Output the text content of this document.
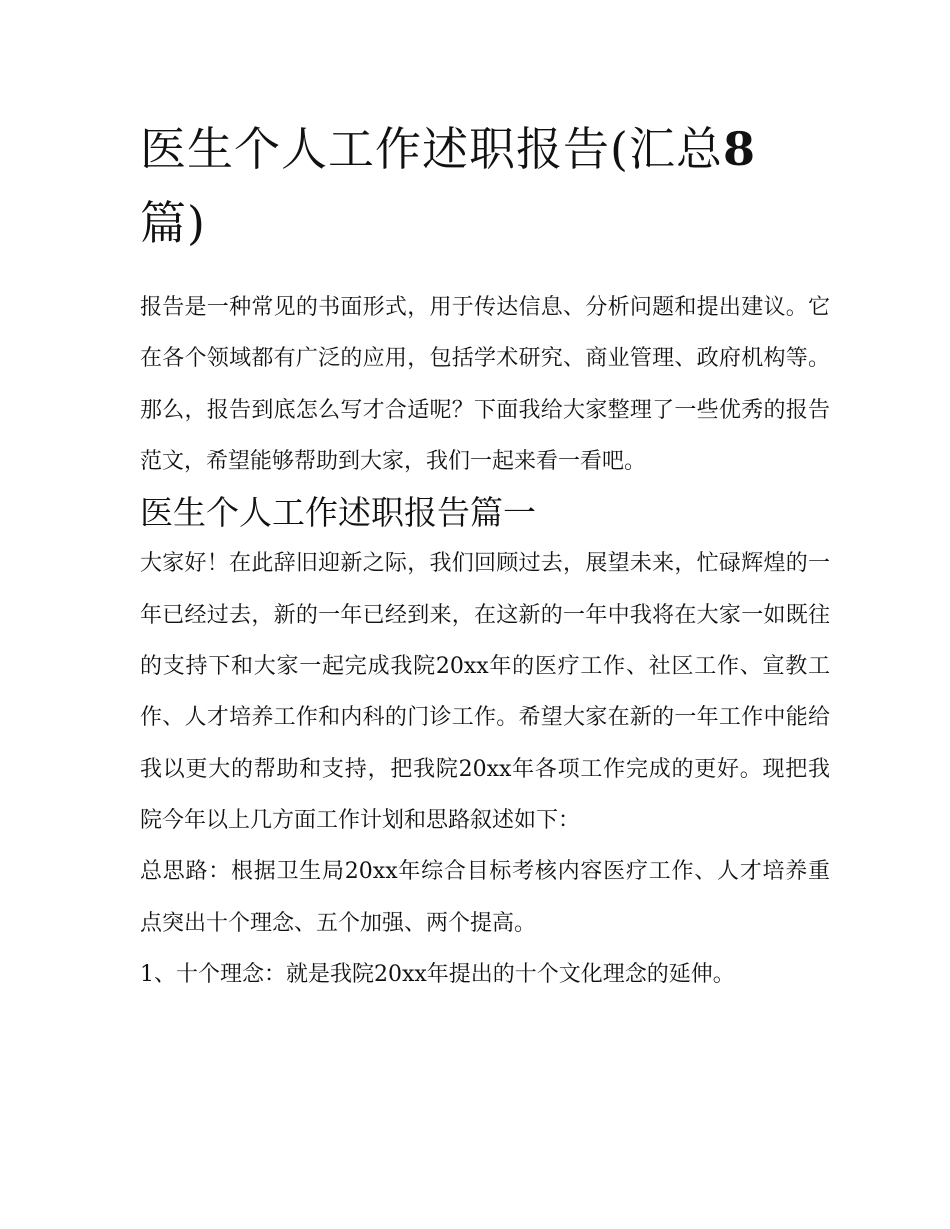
医生个人工作述职报告(汇总8
篇)

报告是一种常见的书面形式，用于传达信息、分析问题和提出建议。它在各个领域都有广泛的应用，包括学术研究、商业管理、政府机构等。那么，报告到底怎么写才合适呢？下面我给大家整理了一些优秀的报告范文，希望能够帮助到大家，我们一起来看一看吧。

医生个人工作述职报告篇一

大家好！在此辞旧迎新之际，我们回顾过去，展望未来，忙碌辉煌的一年已经过去，新的一年已经到来，在这新的一年中我将在大家一如既往的支持下和大家一起完成我院20xx年的医疗工作、社区工作、宣教工作、人才培养工作和内科的门诊工作。希望大家在新的一年工作中能给我以更大的帮助和支持，把我院20xx年各项工作完成的更好。现把我院今年以上几方面工作计划和思路叙述如下：

总思路：根据卫生局20xx年综合目标考核内容医疗工作、人才培养重点突出十个理念、五个加强、两个提高。

1、十个理念：就是我院20xx年提出的十个文化理念的延伸。
